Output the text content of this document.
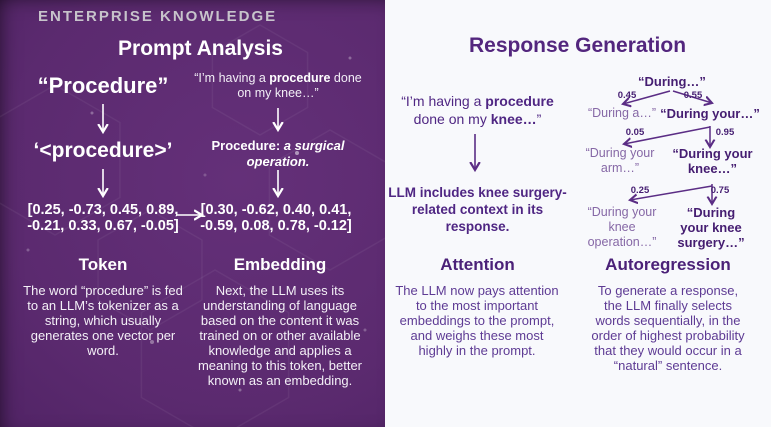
ENTERPRISE KNOWLEDGE
Prompt Analysis
“Procedure”
‘<procedure>’
[0.25, -0.73, 0.45, 0.89,
-0.21, 0.33, 0.67, -0.05]
“I’m having a procedure done on my knee…”
Procedure: a surgical operation.
[0.30, -0.62, 0.40, 0.41,
-0.59, 0.08, 0.78, -0.12]
Token	Embedding
The word “procedure” is fed to an LLM’s tokenizer as a string, which usually generates one vector per word.
Next, the LLM uses its understanding of language based on the content it was trained on or other available knowledge and applies a meaning to this token, better known as an embedding.
Response Generation
“I’m having a procedure done on my knee…”
LLM includes knee surgery-related context in its response.
“During…”
0.45	0.55
“During a…” “During your…”
0.05	0.95
“During your arm…”
“During your knee…”
0.25	0.75
“During your knee operation…”
“During your knee surgery…”
Attention	Autoregression
The LLM now pays attention to the most important embeddings to the prompt, and weighs these most highly in the prompt.
To generate a response, the LLM finally selects words sequentially, in the order of highest probability that they would occur in a “natural” sentence.
